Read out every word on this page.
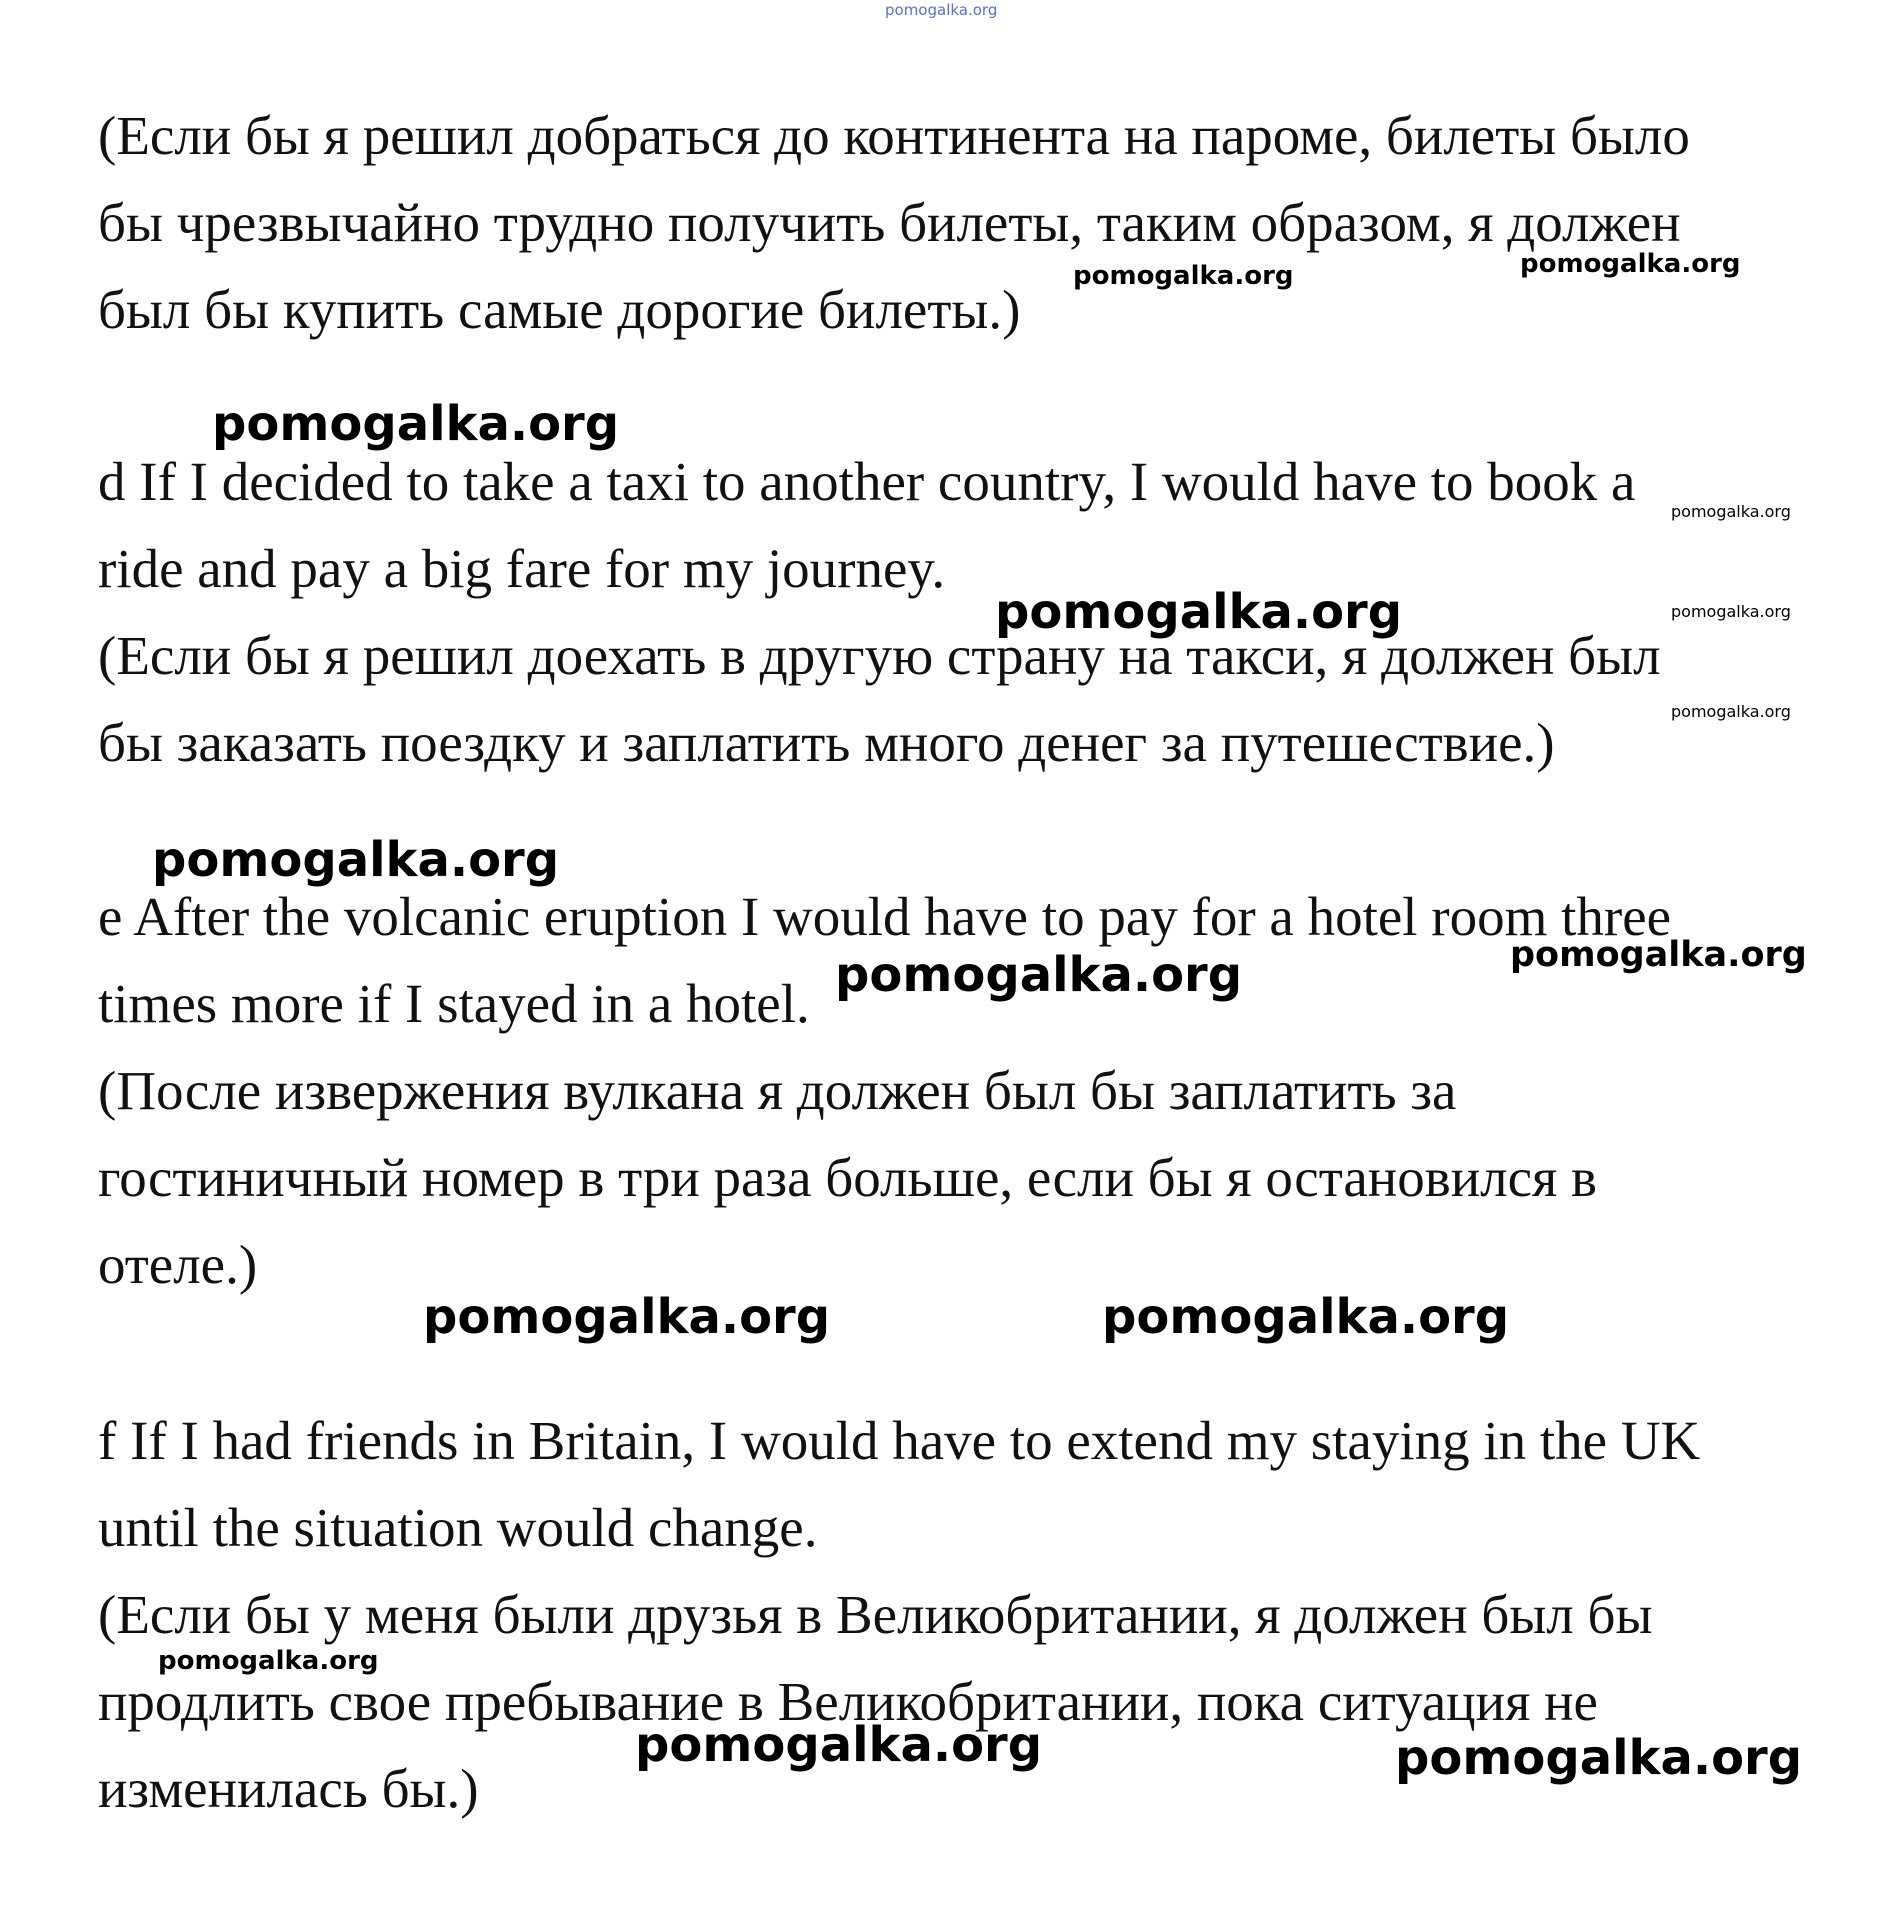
pomogalka.org
(Если бы я решил добраться до континента на пароме, билеты было
бы чрезвычайно трудно получить билеты, таким образом, я должен
был бы купить самые дорогие билеты.)
d If I decided to take a taxi to another country, I would have to book a
ride and pay a big fare for my journey.
(Если бы я решил доехать в другую страну на такси, я должен был
бы заказать поездку и заплатить много денег за путешествие.)
e After the volcanic eruption I would have to pay for a hotel room three
times more if I stayed in a hotel.
(После извержения вулкана я должен был бы заплатить за
гостиничный номер в три раза больше, если бы я остановился в
отеле.)
f If I had friends in Britain, I would have to extend my staying in the UK
until the situation would change.
(Если бы у меня были друзья в Великобритании, я должен был бы
продлить свое пребывание в Великобритании, пока ситуация не
изменилась бы.)
pomogalka.org	pomogalka.org
pomogalka.org
pomogalka.org
pomogalka.org	pomogalka.org
pomogalka.org
pomogalka.org
pomogalka.org
pomogalka.org
pomogalka.org	pomogalka.org
pomogalka.org
pomogalka.org	pomogalka.org
